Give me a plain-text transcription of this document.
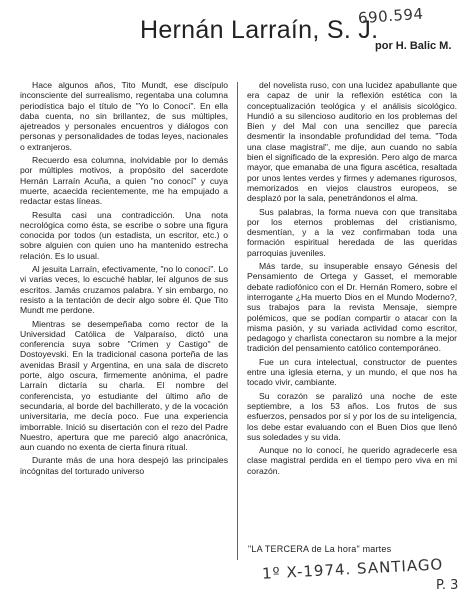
Hernán Larraín, S. J.
690.594
por H. Balic M.

Hace algunos años, Tito Mundt, ese discípulo inconsciente del surrealismo, regentaba una columna periodística bajo el título de "Yo lo Conocí". En ella daba cuenta, no sin brillantez, de sus múltiples, ajetreados y personales encuentros y diálogos con personas y personalidades de todas leyes, nacionales o extranjeros.

Recuerdo esa columna, inolvidable por lo demás por múltiples motivos, a propósito del sacerdote Hernán Larraín Acuña, a quien "no conocí" y cuya muerte, acaecida recientemente, me ha empujado a redactar estas líneas.

Resulta casi una contradicción. Una nota necrológica como ésta, se escribe o sobre una figura conocida por todos (un estadista, un escritor, etc.) o sobre alguien con quien uno ha mantenido estrecha relación. Es lo usual.

Al jesuita Larraín, efectivamente, "no lo conocí". Lo vi varias veces, lo escuché hablar, leí algunos de sus escritos. Jamás cruzamos palabra. Y sin embargo, no resisto a la tentación de decir algo sobre él. Que Tito Mundt me perdone.

Mientras se desempeñaba como rector de la Universidad Católica de Valparaíso, dictó una conferencia suya sobre "Crimen y Castigo" de Dostoyevski. En la tradicional casona porteña de las avenidas Brasil y Argentina, en una sala de discreto porte, algo oscura, firmemente anónima, el padre Larraín dictaría su charla. El nombre del conferencista, yo estudiante del último año de secundaria, al borde del bachillerato, y de la vocación universitaria, me decía poco. Fue una experiencia imborrable. Inició su disertación con el rezo del Padre Nuestro, apertura que me pareció algo anacrónica, aun cuando no exenta de cierta finura ritual.

Durante más de una hora despejó las principales incógnitas del torturado universo

del novelista ruso, con una lucidez apabullante que era capaz de unir la reflexión estética con la conceptualización teológica y el análisis sicológico. Hundió a su silencioso auditorio en los problemas del Bien y del Mal con una sencillez que parecía desmentir la insondable profundidad del tema. "Toda una clase magistral", me dije, aun cuando no sabía bien el significado de la expresión. Pero algo de marca mayor, que emanaba de una figura ascética, resaltada por unos lentes verdes y firmes y ademanes rigurosos, memorizados en viejos claustros europeos, se desplazó por la sala, penetrándonos el alma.

Sus palabras, la forma nueva con que transitaba por los eternos problemas del cristianismo, desmentían, y a la vez confirmaban toda una formación espiritual heredada de las queridas parroquias juveniles.

Más tarde, su insuperable ensayo Génesis del Pensamiento de Ortega y Gasset, el memorable debate radiofónico con el Dr. Hernán Romero, sobre el interrogante ¿Ha muerto Dios en el Mundo Moderno?, sus trabajos para la revista Mensaje, siempre polémicos, que se podían compartir o atacar con la misma pasión, y su variada actividad como escritor, pedagogo y charlista conectaron su nombre a la mejor tradición del pensamiento católico contemporáneo.

Fue un cura intelectual, constructor de puentes entre una iglesia eterna, y un mundo, el que nos ha tocado vivir, cambiante.

Su corazón se paralizó una noche de este septiembre, a los 53 años. Los frutos de sus esfuerzos, pensados por sí y por los de su inteligencia, los debe estar evaluando con el Buen Dios que llenó sus soledades y su vida.

Aunque no lo conocí, he querido agradecerle esa clase magistral perdida en el tiempo pero viva en mi corazón.

"LA TERCERA de La hora" martes
1º X-1974. SANTIAGO
P. 3
